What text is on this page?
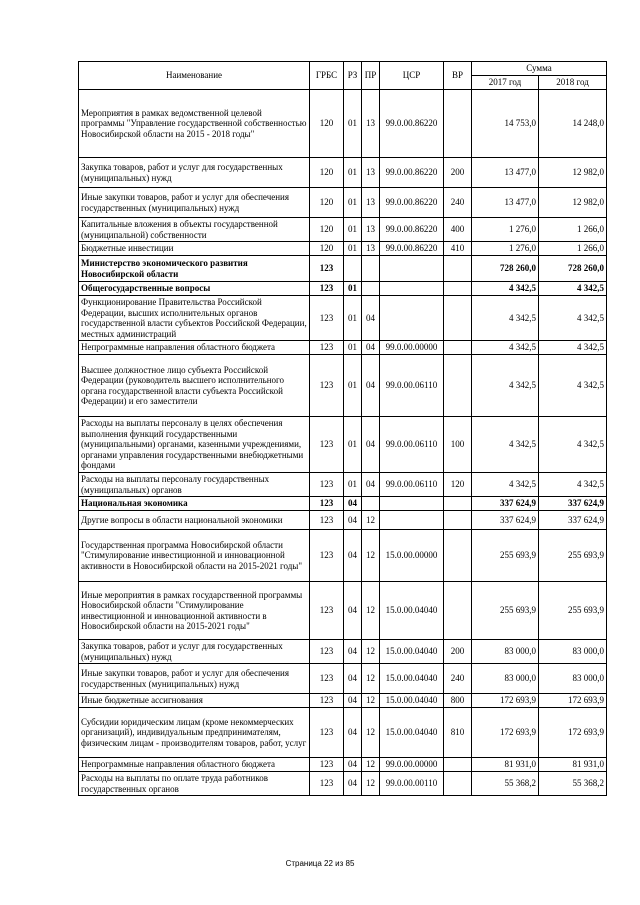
Наименование	ГРБС	РЗ	ПР	ЦСР	ВР	Сумма	
						2017 год	2018 год
Мероприятия в рамках ведомственной целевой программы "Управление государственной собственностью Новосибирской области на 2015 - 2018 годы"	120	01	13	99.0.00.86220		14 753,0	14 248,0
Закупка товаров, работ и услуг для государственных (муниципальных) нужд	120	01	13	99.0.00.86220	200	13 477,0	12 982,0
Иные закупки товаров, работ и услуг для обеспечения государственных (муниципальных) нужд	120	01	13	99.0.00.86220	240	13 477,0	12 982,0
Капитальные вложения в объекты государственной (муниципальной) собственности	120	01	13	99.0.00.86220	400	1 276,0	1 266,0
Бюджетные инвестиции	120	01	13	99.0.00.86220	410	1 276,0	1 266,0
Министерство экономического развития Новосибирской области	123					728 260,0	728 260,0
Общегосударственные вопросы	123	01				4 342,5	4 342,5
Функционирование Правительства Российской Федерации, высших исполнительных органов государственной власти субъектов Российской Федерации, местных администраций	123	01	04			4 342,5	4 342,5
Непрограммные направления областного бюджета	123	01	04	99.0.00.00000		4 342,5	4 342,5
Высшее должностное лицо субъекта Российской Федерации (руководитель высшего исполнительного органа государственной власти субъекта Российской Федерации) и его заместители	123	01	04	99.0.00.06110		4 342,5	4 342,5
Расходы на выплаты персоналу в целях обеспечения выполнения функций государственными (муниципальными) органами, казенными учреждениями, органами управления государственными внебюджетными фондами	123	01	04	99.0.00.06110	100	4 342,5	4 342,5
Расходы на выплаты персоналу государственных (муниципальных) органов	123	01	04	99.0.00.06110	120	4 342,5	4 342,5
Национальная экономика	123	04				337 624,9	337 624,9
Другие вопросы в области национальной экономики	123	04	12			337 624,9	337 624,9
Государственная программа Новосибирской области "Стимулирование инвестиционной и инновационной активности в Новосибирской области на 2015-2021 годы"	123	04	12	15.0.00.00000		255 693,9	255 693,9
Иные мероприятия в рамках государственной программы Новосибирской области "Стимулирование инвестиционной и инновационной активности в Новосибирской области на 2015-2021 годы"	123	04	12	15.0.00.04040		255 693,9	255 693,9
Закупка товаров, работ и услуг для государственных (муниципальных) нужд	123	04	12	15.0.00.04040	200	83 000,0	83 000,0
Иные закупки товаров, работ и услуг для обеспечения государственных (муниципальных) нужд	123	04	12	15.0.00.04040	240	83 000,0	83 000,0
Иные бюджетные ассигнования	123	04	12	15.0.00.04040	800	172 693,9	172 693,9
Субсидии юридическим лицам (кроме некоммерческих организаций), индивидуальным предпринимателям, физическим лицам - производителям товаров, работ, услуг	123	04	12	15.0.00.04040	810	172 693,9	172 693,9
Непрограммные направления областного бюджета	123	04	12	99.0.00.00000		81 931,0	81 931,0
Расходы на выплаты по оплате труда работников государственных органов	123	04	12	99.0.00.00110		55 368,2	55 368,2
Страница 22 из 85
